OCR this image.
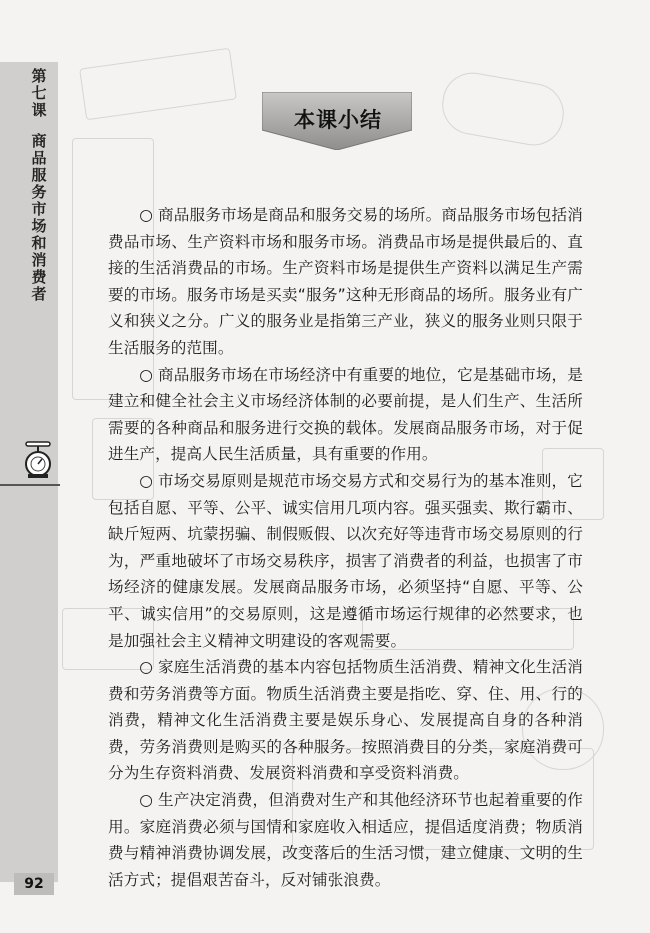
第七课
商品服务市场和消费者
92
本课小结

○ 商品服务市场是商品和服务交易的场所。商品服务市场包括消费品市场、生产资料市场和服务市场。消费品市场是提供最后的、直接的生活消费品的市场。生产资料市场是提供生产资料以满足生产需要的市场。服务市场是买卖“服务”这种无形商品的场所。服务业有广义和狭义之分。广义的服务业是指第三产业，狭义的服务业则只限于生活服务的范围。

○ 商品服务市场在市场经济中有重要的地位，它是基础市场，是建立和健全社会主义市场经济体制的必要前提，是人们生产、生活所需要的各种商品和服务进行交换的载体。发展商品服务市场，对于促进生产，提高人民生活质量，具有重要的作用。

○ 市场交易原则是规范市场交易方式和交易行为的基本准则，它包括自愿、平等、公平、诚实信用几项内容。强买强卖、欺行霸市、缺斤短两、坑蒙拐骗、制假贩假、以次充好等违背市场交易原则的行为，严重地破坏了市场交易秩序，损害了消费者的利益，也损害了市场经济的健康发展。发展商品服务市场，必须坚持“自愿、平等、公平、诚实信用”的交易原则，这是遵循市场运行规律的必然要求，也是加强社会主义精神文明建设的客观需要。

○ 家庭生活消费的基本内容包括物质生活消费、精神文化生活消费和劳务消费等方面。物质生活消费主要是指吃、穿、住、用、行的消费，精神文化生活消费主要是娱乐身心、发展提高自身的各种消费，劳务消费则是购买的各种服务。按照消费目的分类，家庭消费可分为生存资料消费、发展资料消费和享受资料消费。

○ 生产决定消费，但消费对生产和其他经济环节也起着重要的作用。家庭消费必须与国情和家庭收入相适应，提倡适度消费；物质消费与精神消费协调发展，改变落后的生活习惯，建立健康、文明的生活方式；提倡艰苦奋斗，反对铺张浪费。
